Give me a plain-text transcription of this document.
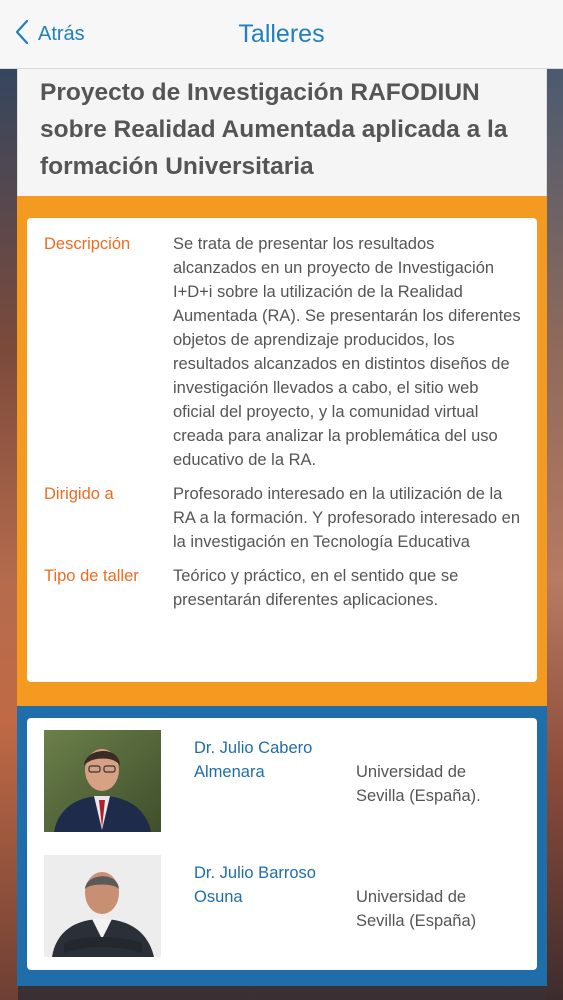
Atrás	Talleres
Proyecto de Investigación RAFODIUN sobre Realidad Aumentada aplicada a la formación Universitaria
Descripción	Se trata de presentar los resultados alcanzados en un proyecto de Investigación I+D+i sobre la utilización de la Realidad Aumentada (RA). Se presentarán los diferentes objetos de aprendizaje producidos, los resultados alcanzados en distintos diseños de investigación llevados a cabo, el sitio web oficial del proyecto, y la comunidad virtual creada para analizar la problemática del uso educativo de la RA.
Dirigido a	Profesorado interesado en la utilización de la RA a la formación. Y profesorado interesado en la investigación en Tecnología Educativa
Tipo de taller	Teórico y práctico, en el sentido que se presentarán diferentes aplicaciones.
Dr. Julio Cabero Almenara	Universidad de Sevilla (España).
Dr. Julio Barroso Osuna	Universidad de Sevilla (España)
